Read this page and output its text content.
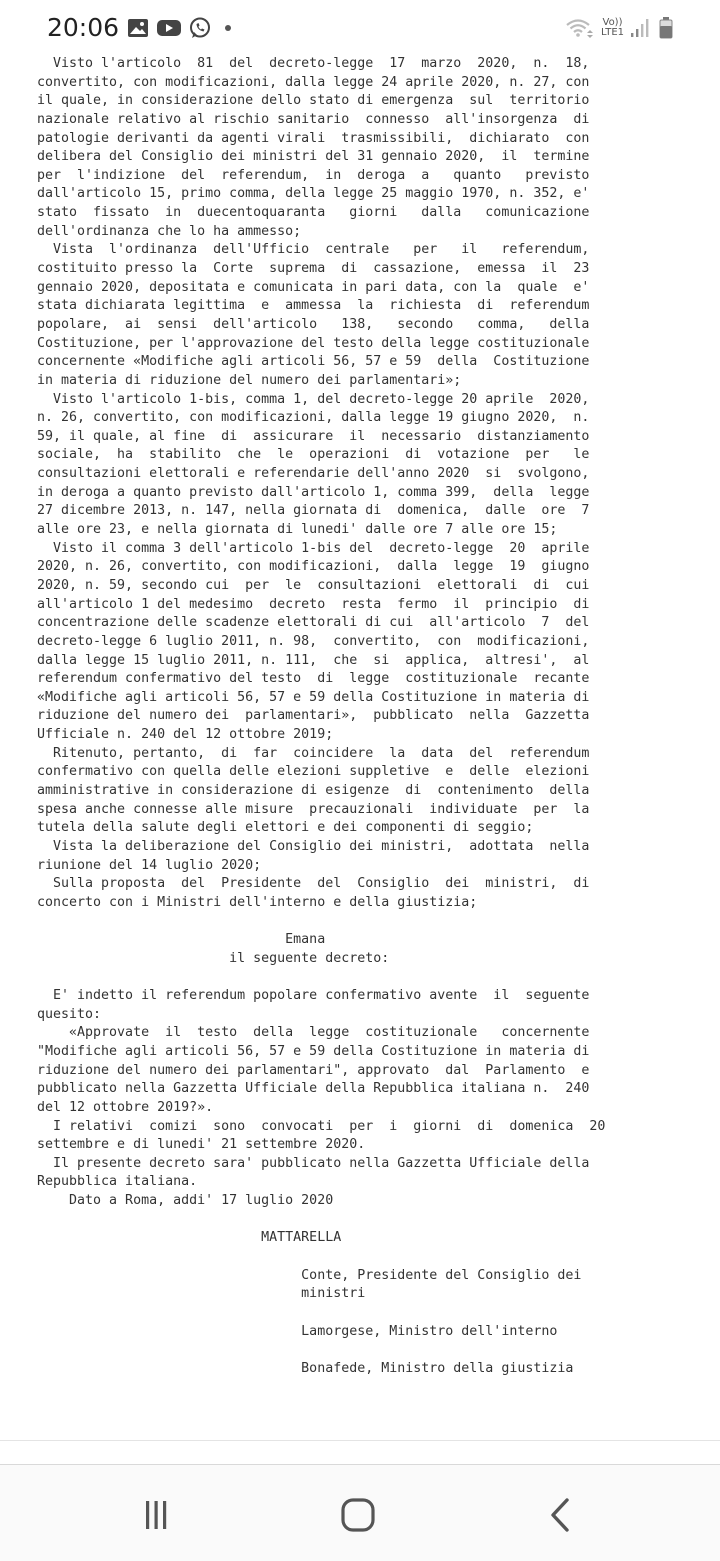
20:06	Vo))
LTE1
Visto l'articolo  81  del  decreto-legge  17  marzo  2020,  n.  18,
convertito, con modificazioni, dalla legge 24 aprile 2020, n. 27, con
il quale, in considerazione dello stato di emergenza  sul  territorio
nazionale relativo al rischio sanitario  connesso  all'insorgenza  di
patologie derivanti da agenti virali  trasmissibili,  dichiarato  con
delibera del Consiglio dei ministri del 31 gennaio 2020,  il  termine
per  l'indizione  del  referendum,  in  deroga  a   quanto   previsto
dall'articolo 15, primo comma, della legge 25 maggio 1970, n. 352, e'
stato  fissato  in  duecentoquaranta   giorni   dalla   comunicazione
dell'ordinanza che lo ha ammesso;
Vista  l'ordinanza  dell'Ufficio  centrale   per   il   referendum,
costituito presso la  Corte  suprema  di  cassazione,  emessa  il  23
gennaio 2020, depositata e comunicata in pari data, con la  quale  e'
stata dichiarata legittima  e  ammessa  la  richiesta  di  referendum
popolare,  ai  sensi  dell'articolo   138,   secondo   comma,   della
Costituzione, per l'approvazione del testo della legge costituzionale
concernente «Modifiche agli articoli 56, 57 e 59  della  Costituzione
in materia di riduzione del numero dei parlamentari»;
Visto l'articolo 1-bis, comma 1, del decreto-legge 20 aprile  2020,
n. 26, convertito, con modificazioni, dalla legge 19 giugno 2020,  n.
59, il quale, al fine  di  assicurare  il  necessario  distanziamento
sociale,  ha  stabilito  che  le  operazioni  di  votazione  per   le
consultazioni elettorali e referendarie dell'anno 2020  si  svolgono,
in deroga a quanto previsto dall'articolo 1, comma 399,  della  legge
27 dicembre 2013, n. 147, nella giornata di  domenica,  dalle  ore  7
alle ore 23, e nella giornata di lunedi' dalle ore 7 alle ore 15;
Visto il comma 3 dell'articolo 1-bis del  decreto-legge  20  aprile
2020, n. 26, convertito, con modificazioni,  dalla  legge  19  giugno
2020, n. 59, secondo cui  per  le  consultazioni  elettorali  di  cui
all'articolo 1 del medesimo  decreto  resta  fermo  il  principio  di
concentrazione delle scadenze elettorali di cui  all'articolo  7  del
decreto-legge 6 luglio 2011, n. 98,  convertito,  con  modificazioni,
dalla legge 15 luglio 2011, n. 111,  che  si  applica,  altresi',  al
referendum confermativo del testo  di  legge  costituzionale  recante
«Modifiche agli articoli 56, 57 e 59 della Costituzione in materia di
riduzione del numero dei  parlamentari»,  pubblicato  nella  Gazzetta
Ufficiale n. 240 del 12 ottobre 2019;
Ritenuto, pertanto,  di  far  coincidere  la  data  del  referendum
confermativo con quella delle elezioni suppletive  e  delle  elezioni
amministrative in considerazione di esigenze  di  contenimento  della
spesa anche connesse alle misure  precauzionali  individuate  per  la
tutela della salute degli elettori e dei componenti di seggio;
Vista la deliberazione del Consiglio dei ministri,  adottata  nella
riunione del 14 luglio 2020;
Sulla proposta  del  Presidente  del  Consiglio  dei  ministri,  di
concerto con i Ministri dell'interno e della giustizia;
Emana
il seguente decreto:
E' indetto il referendum popolare confermativo avente  il  seguente
quesito:
«Approvate  il  testo  della  legge  costituzionale   concernente
"Modifiche agli articoli 56, 57 e 59 della Costituzione in materia di
riduzione del numero dei parlamentari", approvato  dal  Parlamento  e
pubblicato nella Gazzetta Ufficiale della Repubblica italiana n.  240
del 12 ottobre 2019?».
I relativi  comizi  sono  convocati  per  i  giorni  di  domenica  20
settembre e di lunedi' 21 settembre 2020.
Il presente decreto sara' pubblicato nella Gazzetta Ufficiale della
Repubblica italiana.
Dato a Roma, addi' 17 luglio 2020
MATTARELLA
Conte, Presidente del Consiglio dei
ministri
Lamorgese, Ministro dell'interno
Bonafede, Ministro della giustizia
